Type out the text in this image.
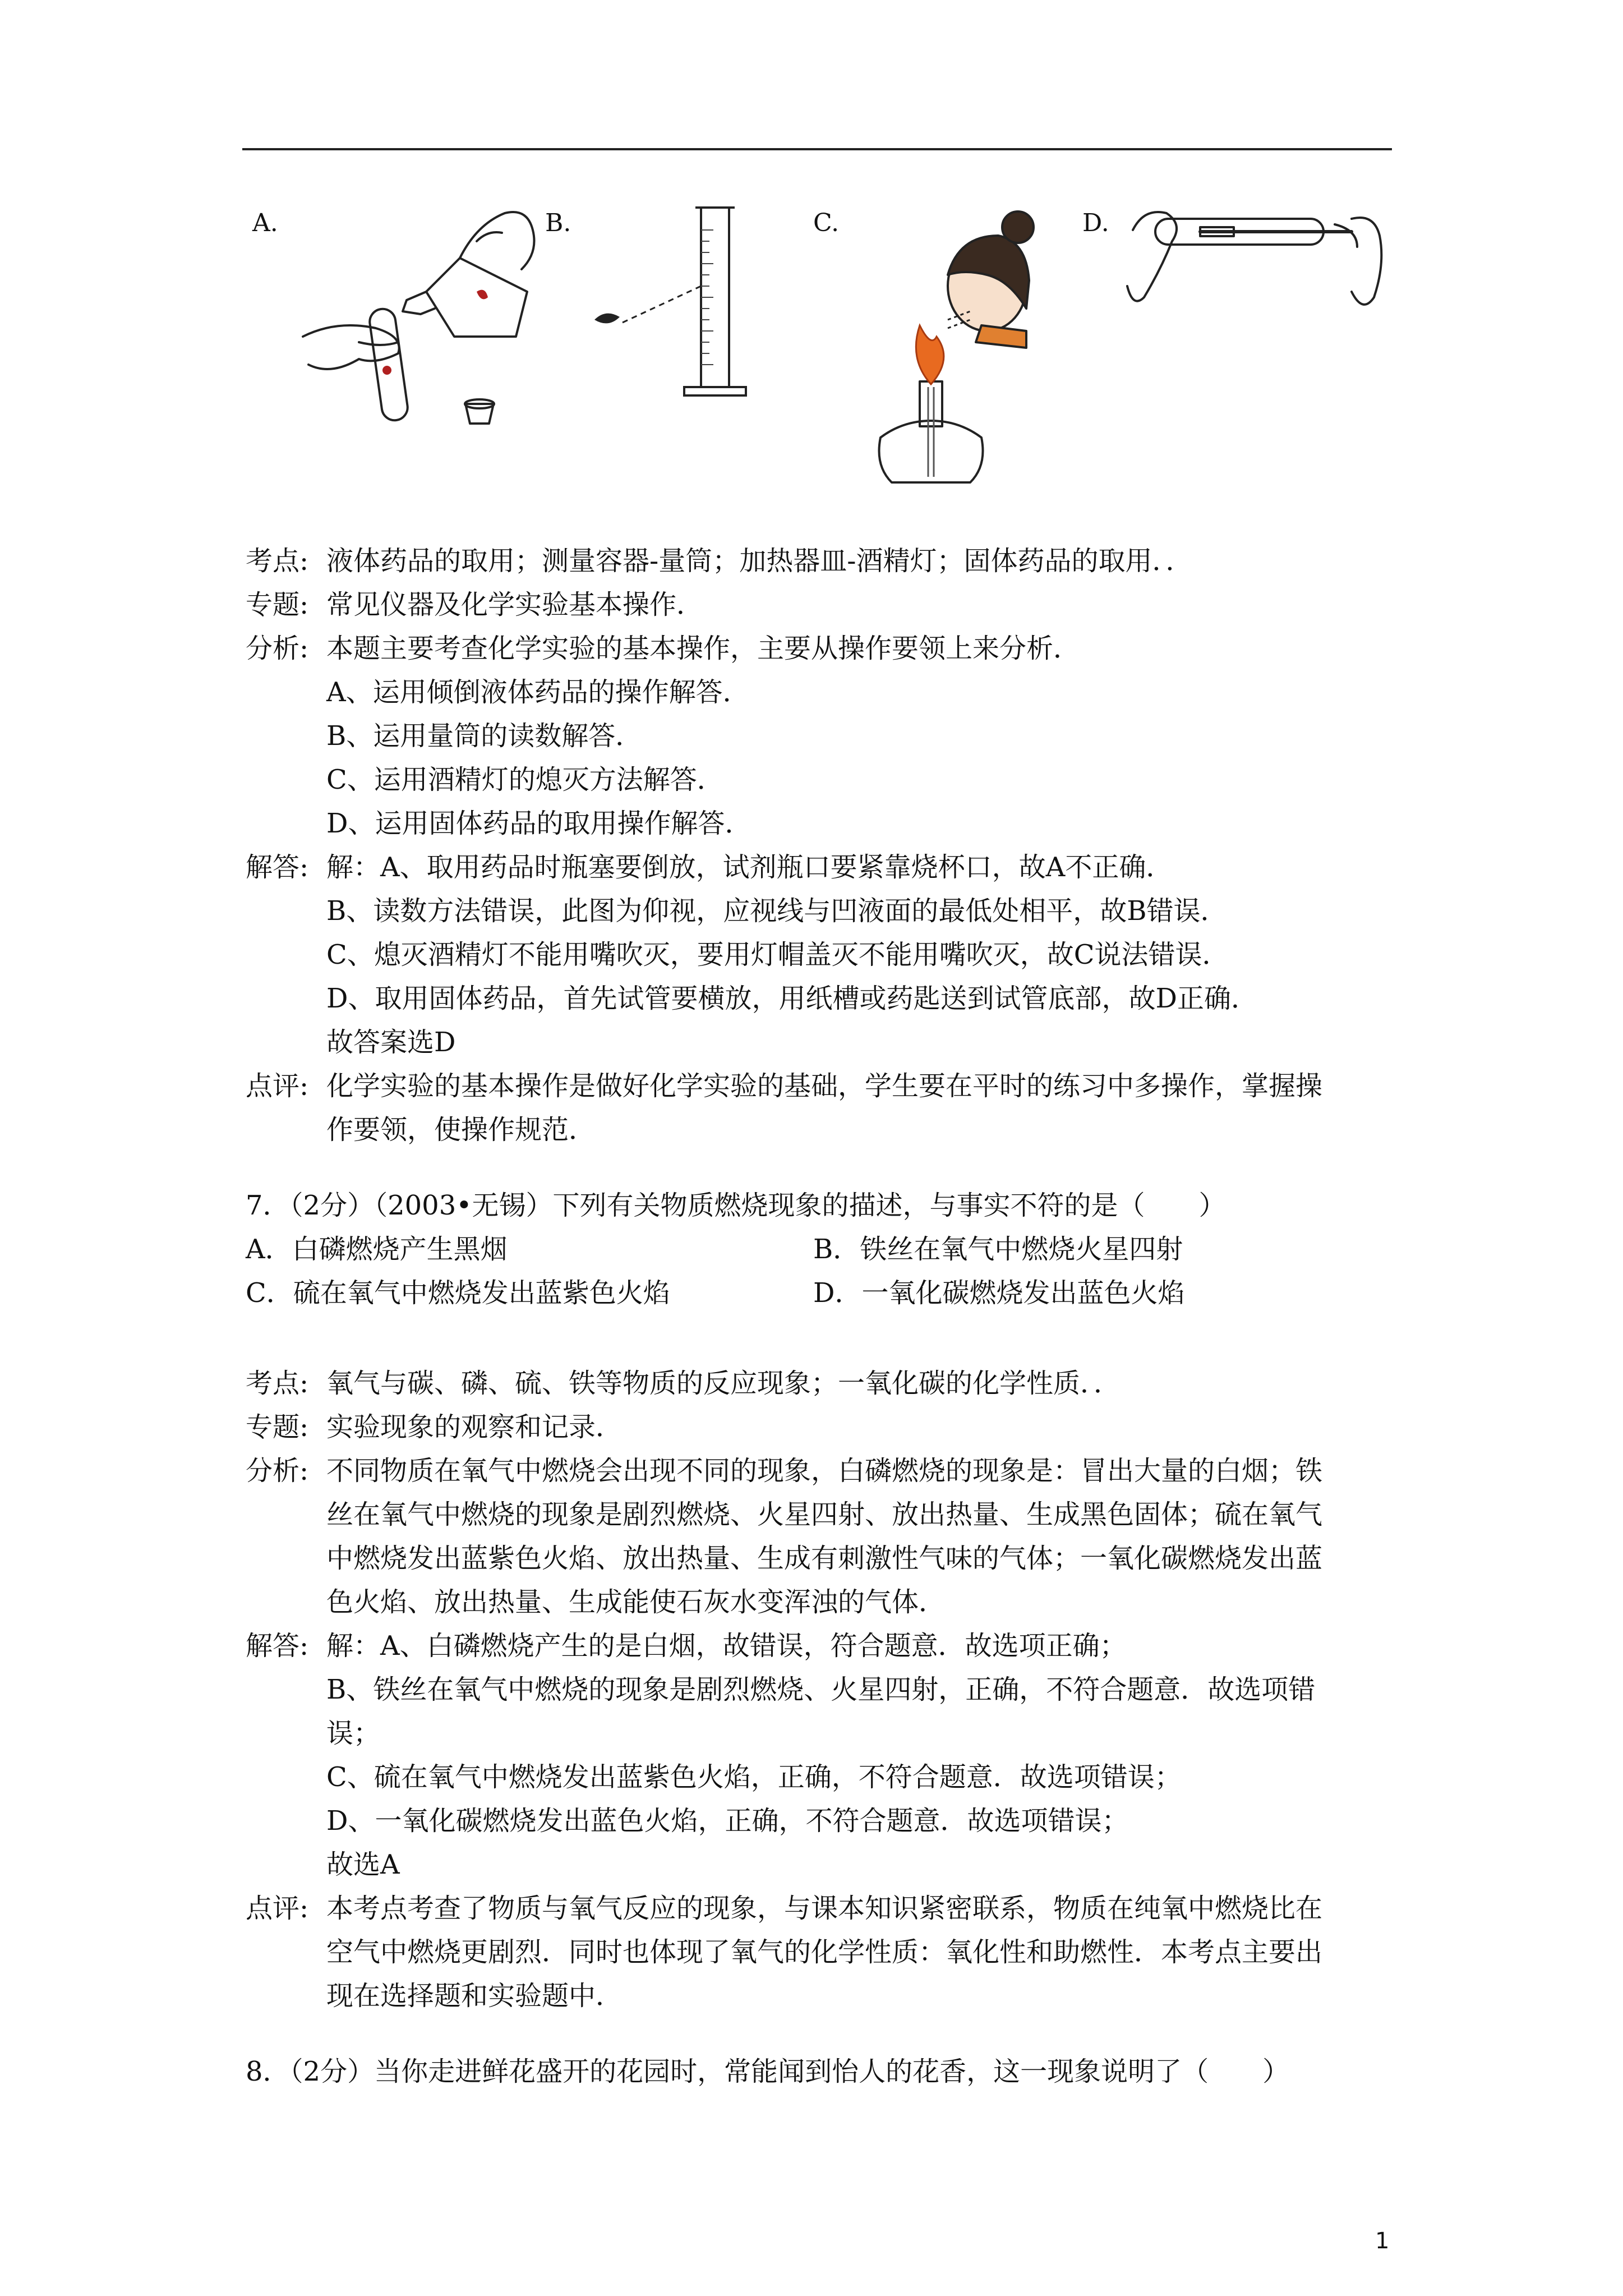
A.	B.	C.	D.
考点: 液体药品的取用；测量容器-量筒；加热器皿-酒精灯；固体药品的取用．．
专题: 常见仪器及化学实验基本操作．
分析: 本题主要考查化学实验的基本操作，主要从操作要领上来分析．
A、运用倾倒液体药品的操作解答．
B、运用量筒的读数解答．
C、运用酒精灯的熄灭方法解答．
D、运用固体药品的取用操作解答．
解答: 解：A、取用药品时瓶塞要倒放，试剂瓶口要紧靠烧杯口，故A不正确．
B、读数方法错误，此图为仰视，应视线与凹液面的最低处相平，故B错误．
C、熄灭酒精灯不能用嘴吹灭，要用灯帽盖灭不能用嘴吹灭，故C说法错误．
D、取用固体药品，首先试管要横放，用纸槽或药匙送到试管底部，故D正确．
故答案选D
点评: 化学实验的基本操作是做好化学实验的基础，学生要在平时的练习中多操作，掌握操
作要领，使操作规范．
7．（2分）（2003•无锡）下列有关物质燃烧现象的描述，与事实不符的是（　　）
A．白磷燃烧产生黑烟	B．铁丝在氧气中燃烧火星四射
C．硫在氧气中燃烧发出蓝紫色火焰	D．一氧化碳燃烧发出蓝色火焰
考点: 氧气与碳、磷、硫、铁等物质的反应现象；一氧化碳的化学性质．．
专题: 实验现象的观察和记录．
分析: 不同物质在氧气中燃烧会出现不同的现象，白磷燃烧的现象是：冒出大量的白烟；铁
丝在氧气中燃烧的现象是剧烈燃烧、火星四射、放出热量、生成黑色固体；硫在氧气
中燃烧发出蓝紫色火焰、放出热量、生成有刺激性气味的气体；一氧化碳燃烧发出蓝
色火焰、放出热量、生成能使石灰水变浑浊的气体．
解答: 解：A、白磷燃烧产生的是白烟，故错误，符合题意．故选项正确；
B、铁丝在氧气中燃烧的现象是剧烈燃烧、火星四射，正确，不符合题意．故选项错
误；
C、硫在氧气中燃烧发出蓝紫色火焰，正确，不符合题意．故选项错误；
D、一氧化碳燃烧发出蓝色火焰，正确，不符合题意．故选项错误；
故选A
点评: 本考点考查了物质与氧气反应的现象，与课本知识紧密联系，物质在纯氧中燃烧比在
空气中燃烧更剧烈．同时也体现了氧气的化学性质：氧化性和助燃性．本考点主要出
现在选择题和实验题中．
8．（2分）当你走进鲜花盛开的花园时，常能闻到怡人的花香，这一现象说明了（　　）
1
